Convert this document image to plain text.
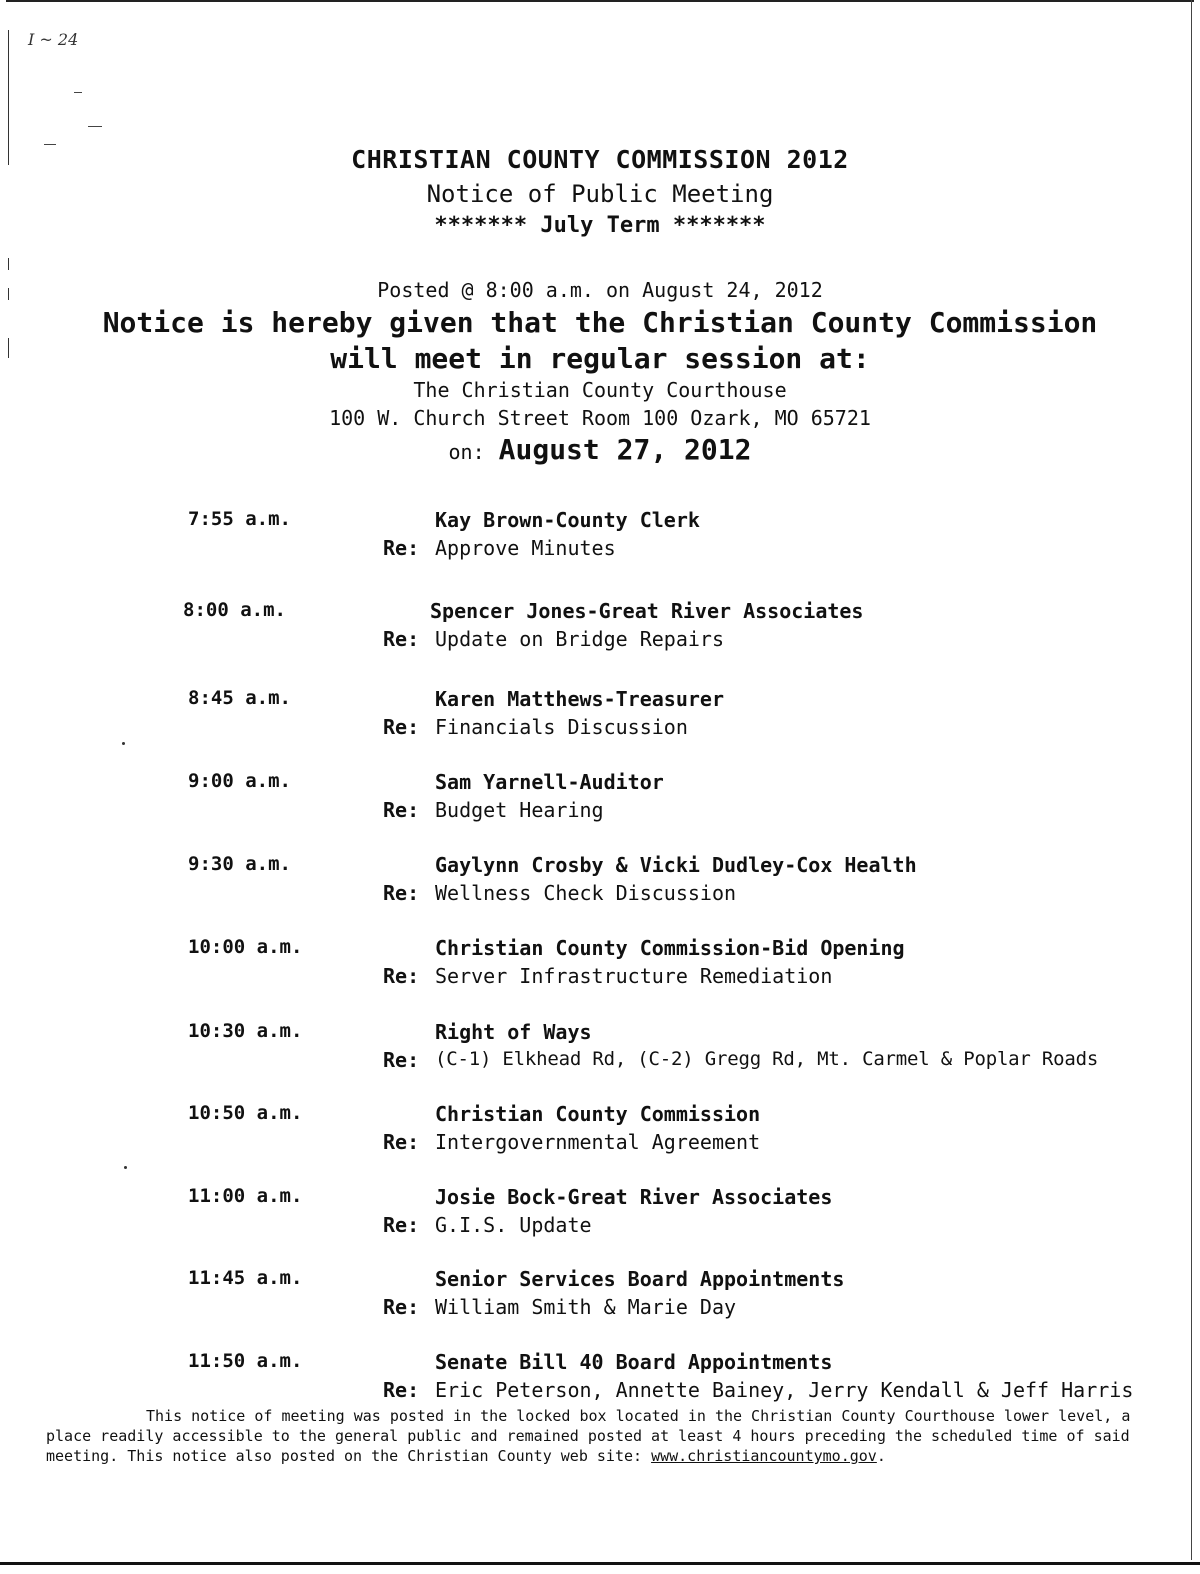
I ~ 24
CHRISTIAN COUNTY COMMISSION 2012
Notice of Public Meeting
******* July Term *******
Posted @ 8:00 a.m. on August 24, 2012
Notice is hereby given that the Christian County Commission
will meet in regular session at:
The Christian County Courthouse
100 W. Church Street Room 100 Ozark, MO 65721
on: August 27, 2012
7:55 a.m.	Kay Brown-County Clerk
Re: Approve Minutes
8:00 a.m.	Spencer Jones-Great River Associates
Re: Update on Bridge Repairs
8:45 a.m.	Karen Matthews-Treasurer
Re: Financials Discussion
9:00 a.m.	Sam Yarnell-Auditor
Re: Budget Hearing
9:30 a.m.	Gaylynn Crosby & Vicki Dudley-Cox Health
Re: Wellness Check Discussion
10:00 a.m.	Christian County Commission-Bid Opening
Re: Server Infrastructure Remediation
10:30 a.m.	Right of Ways
Re: (C-1) Elkhead Rd, (C-2) Gregg Rd, Mt. Carmel & Poplar Roads
10:50 a.m.	Christian County Commission
Re: Intergovernmental Agreement
11:00 a.m.	Josie Bock-Great River Associates
Re: G.I.S. Update
11:45 a.m.	Senior Services Board Appointments
Re: William Smith & Marie Day
11:50 a.m.	Senate Bill 40 Board Appointments
Re: Eric Peterson, Annette Bainey, Jerry Kendall & Jeff Harris

This notice of meeting was posted in the locked box located in the Christian County Courthouse lower level, a place readily accessible to the general public and remained posted at least 4 hours preceding the scheduled time of said meeting. This notice also posted on the Christian County web site: www.christiancountymo.gov.
